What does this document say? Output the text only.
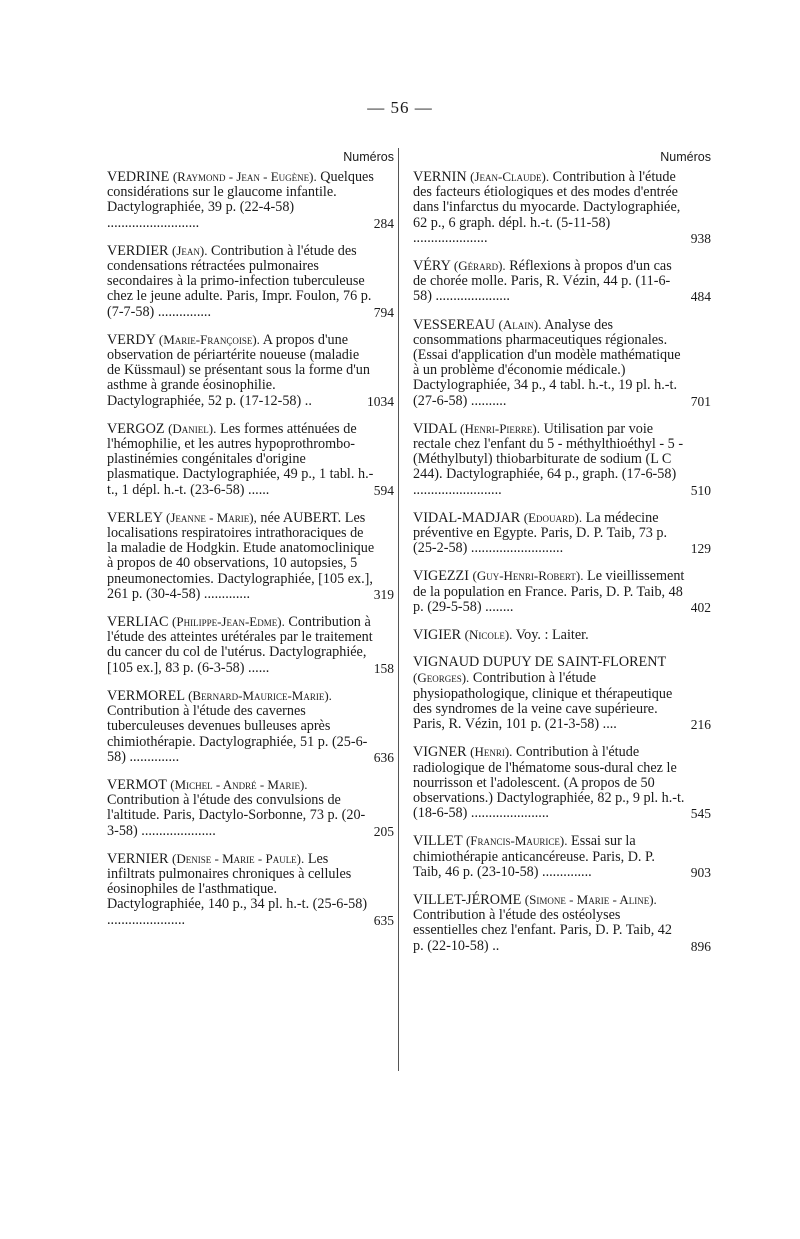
— 56 —
Numéros
VEDRINE (Raymond - Jean - Eugène). Quelques considérations sur le glaucome infantile. Dactylographiée, 39 p. (22-4-58) ..........................	284
VERDIER (Jean). Contribution à l'étude des condensations rétractées pulmonaires secondaires à la primo-infection tuberculeuse chez le jeune adulte. Paris, Impr. Foulon, 76 p. (7-7-58) ...............	794
VERDY (Marie-Françoise). A propos d'une observation de périartérite noueuse (maladie de Küssmaul) se présentant sous la forme d'un asthme à grande éosinophilie. Dactylographiée, 52 p. (17-12-58) ..	1034
VERGOZ (Daniel). Les formes atténuées de l'hémophilie, et les autres hypoprothrombo-plastinémies congénitales d'origine plasmatique. Dactylographiée, 49 p., 1 tabl. h.-t., 1 dépl. h.-t. (23-6-58) ......	594
VERLEY (Jeanne - Marie), née AUBERT. Les localisations respiratoires intrathoraciques de la maladie de Hodgkin. Etude anatomoclinique à propos de 40 observations, 10 autopsies, 5 pneumonectomies. Dactylographiée, [105 ex.], 261 p. (30-4-58) .............	319
VERLIAC (Philippe-Jean-Edme). Contribution à l'étude des atteintes urétérales par le traitement du cancer du col de l'utérus. Dactylographiée, [105 ex.], 83 p. (6-3-58) ......	158
VERMOREL (Bernard-Maurice-Marie). Contribution à l'étude des cavernes tuberculeuses devenues bulleuses après chimiothérapie. Dactylographiée, 51 p. (25-6-58) ..............	636
VERMOT (Michel - André - Marie). Contribution à l'étude des convulsions de l'altitude. Paris, Dactylo-Sorbonne, 73 p. (20-3-58) .....................	205
VERNIER (Denise - Marie - Paule). Les infiltrats pulmonaires chroniques à cellules éosinophiles de l'asthmatique. Dactylographiée, 140 p., 34 pl. h.-t. (25-6-58) ......................	635
Numéros
VERNIN (Jean-Claude). Contribution à l'étude des facteurs étiologiques et des modes d'entrée dans l'infarctus du myocarde. Dactylographiée, 62 p., 6 graph. dépl. h.-t. (5-11-58) .....................	938
VÉRY (Gérard). Réflexions à propos d'un cas de chorée molle. Paris, R. Vézin, 44 p. (11-6-58) .....................	484
VESSEREAU (Alain). Analyse des consommations pharmaceutiques régionales. (Essai d'application d'un modèle mathématique à un problème d'économie médicale.) Dactylographiée, 34 p., 4 tabl. h.-t., 19 pl. h.-t. (27-6-58) ..........	701
VIDAL (Henri-Pierre). Utilisation par voie rectale chez l'enfant du 5 - méthylthioéthyl - 5 - (Méthylbutyl) thiobarbiturate de sodium (L C 244). Dactylographiée, 64 p., graph. (17-6-58) .........................	510
VIDAL-MADJAR (Edouard). La médecine préventive en Egypte. Paris, D. P. Taib, 73 p. (25-2-58) ..........................	129
VIGEZZI (Guy-Henri-Robert). Le vieillissement de la population en France. Paris, D. P. Taib, 48 p. (29-5-58) ........	402
VIGIER (Nicole). Voy. : Laiter.
VIGNAUD DUPUY DE SAINT-FLORENT (Georges). Contribution à l'étude physiopathologique, clinique et thérapeutique des syndromes de la veine cave supérieure. Paris, R. Vézin, 101 p. (21-3-58) ....	216
VIGNER (Henri). Contribution à l'étude radiologique de l'hématome sous-dural chez le nourrisson et l'adolescent. (A propos de 50 observations.) Dactylographiée, 82 p., 9 pl. h.-t. (18-6-58) ......................	545
VILLET (Francis-Maurice). Essai sur la chimiothérapie anticancéreuse. Paris, D. P. Taib, 46 p. (23-10-58) ..............	903
VILLET-JÉROME (Simone - Marie - Aline). Contribution à l'étude des ostéolyses essentielles chez l'enfant. Paris, D. P. Taib, 42 p. (22-10-58) ..	896
